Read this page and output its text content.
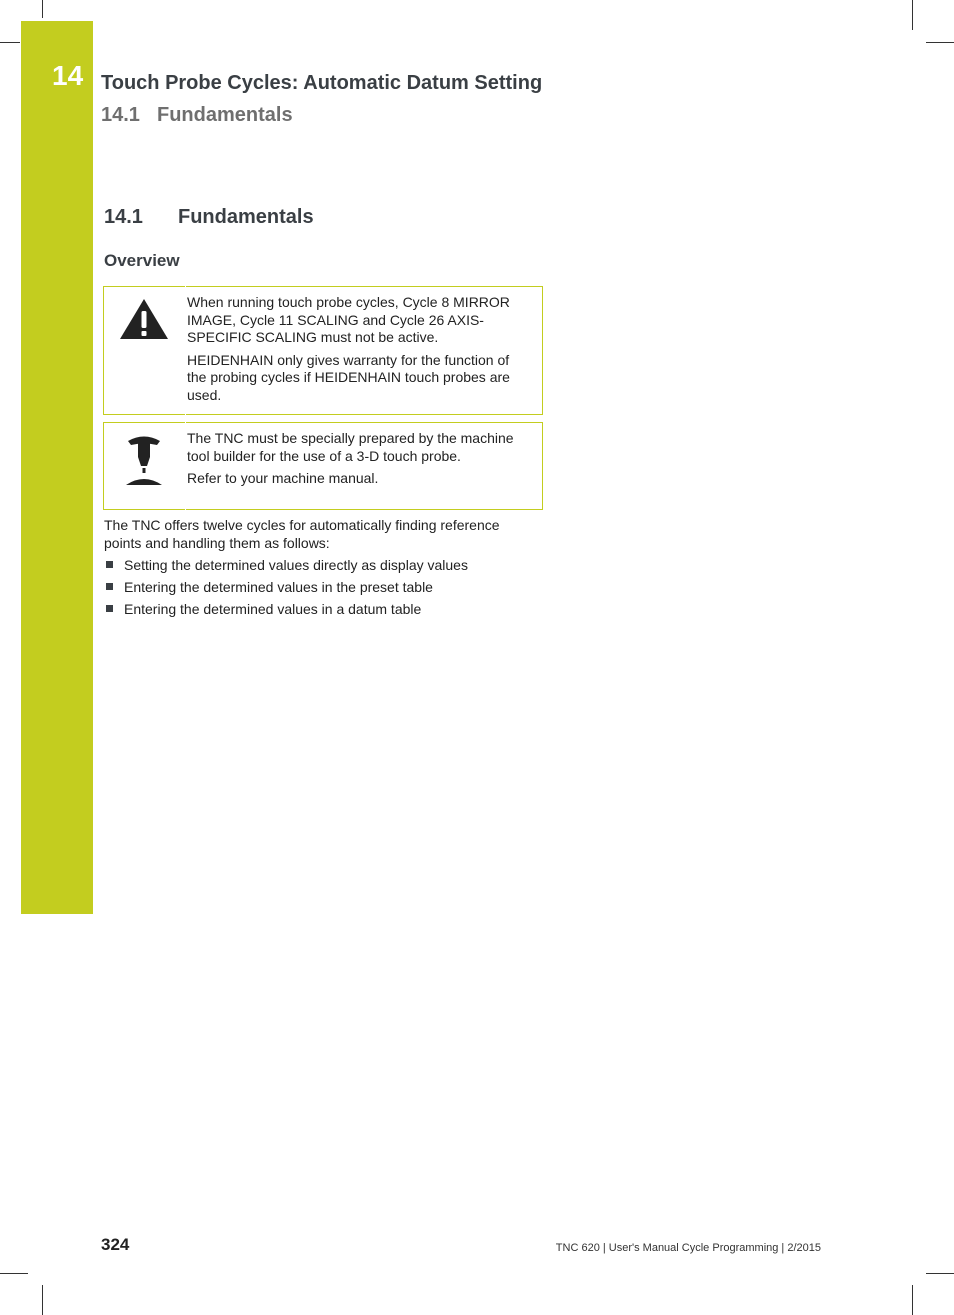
14 Touch Probe Cycles: Automatic Datum Setting
14.1 Fundamentals
14.1 Fundamentals
Overview

When running touch probe cycles, Cycle 8 MIRROR IMAGE, Cycle 11 SCALING and Cycle 26 AXIS-SPECIFIC SCALING must not be active.

HEIDENHAIN only gives warranty for the function of the probing cycles if HEIDENHAIN touch probes are used.

The TNC must be specially prepared by the machine tool builder for the use of a 3-D touch probe.

Refer to your machine manual.

The TNC offers twelve cycles for automatically finding reference points and handling them as follows:

Setting the determined values directly as display values
Entering the determined values in the preset table
Entering the determined values in a datum table
324	TNC 620 | User's Manual Cycle Programming | 2/2015
